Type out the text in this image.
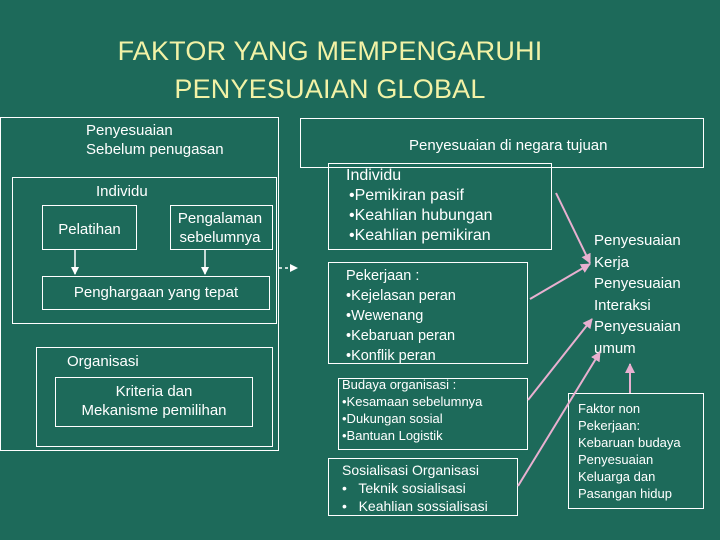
FAKTOR YANG MEMPENGARUHI
PENYESUAIAN GLOBAL
Penyesuaian
Sebelum penugasan
Individu
Pelatihan
Pengalaman
sebelumnya
Penghargaan yang tepat
Organisasi
Kriteria dan
Mekanisme pemilihan
Penyesuaian di negara tujuan
Individu
•Pemikiran pasif
•Keahlian hubungan
•Keahlian pemikiran
Pekerjaan :
•Kejelasan peran
•Wewenang
•Kebaruan peran
•Konflik peran
Budaya organisasi :
•Kesamaan sebelumnya
•Dukungan sosial
•Bantuan Logistik
Sosialisasi Organisasi
•   Teknik sosialisasi
•   Keahlian sossialisasi
Penyesuaian
Kerja
Penyesuaian
Interaksi
Penyesuaian
umum
Faktor non
Pekerjaan:
Kebaruan budaya
Penyesuaian
Keluarga dan
Pasangan hidup
